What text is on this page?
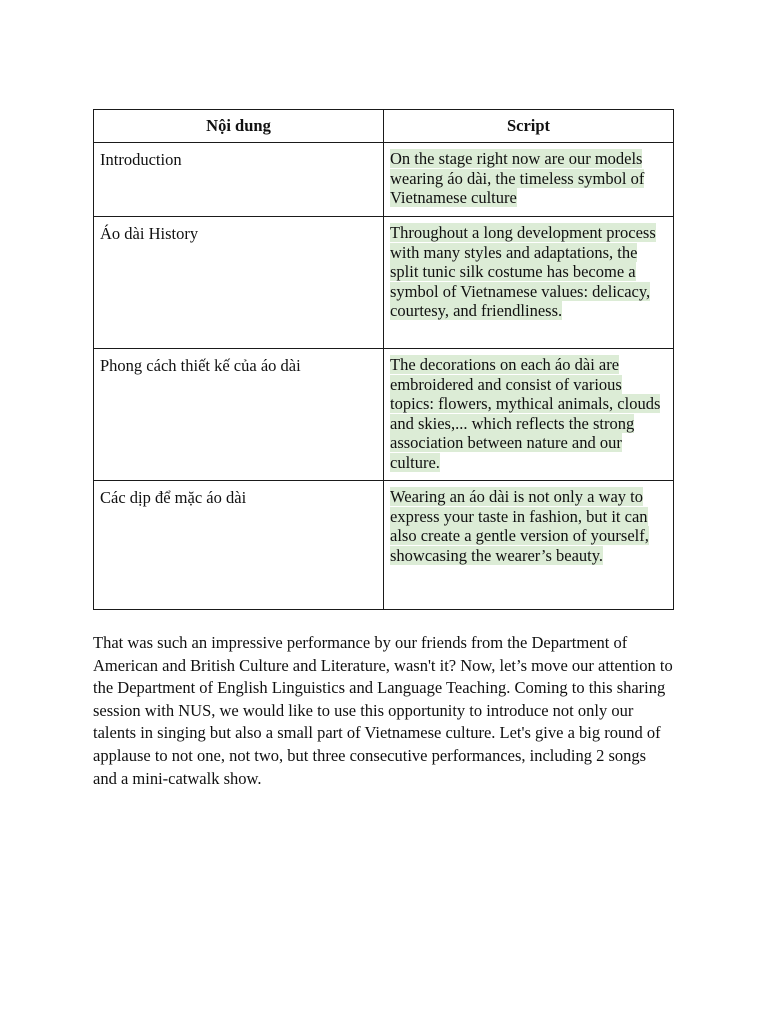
Nội dung	Script
Introduction	On the stage right now are our models wearing áo dài, the timeless symbol of Vietnamese culture
Áo dài History	Throughout a long development process with many styles and adaptations, the split tunic silk costume has become a symbol of Vietnamese values: delicacy, courtesy, and friendliness.
Phong cách thiết kế của áo dài	The decorations on each áo dài are embroidered and consist of various topics: flowers, mythical animals, clouds and skies,... which reflects the strong association between nature and our culture.
Các dịp để mặc áo dài	Wearing an áo dài is not only a way to express your taste in fashion, but it can also create a gentle version of yourself, showcasing the wearer’s beauty.

That was such an impressive performance by our friends from the Department of American and British Culture and Literature, wasn't it? Now, let’s move our attention to the Department of English Linguistics and Language Teaching. Coming to this sharing session with NUS, we would like to use this opportunity to introduce not only our talents in singing but also a small part of Vietnamese culture. Let's give a big round of applause to not one, not two, but three consecutive performances, including 2 songs and a mini-catwalk show.
